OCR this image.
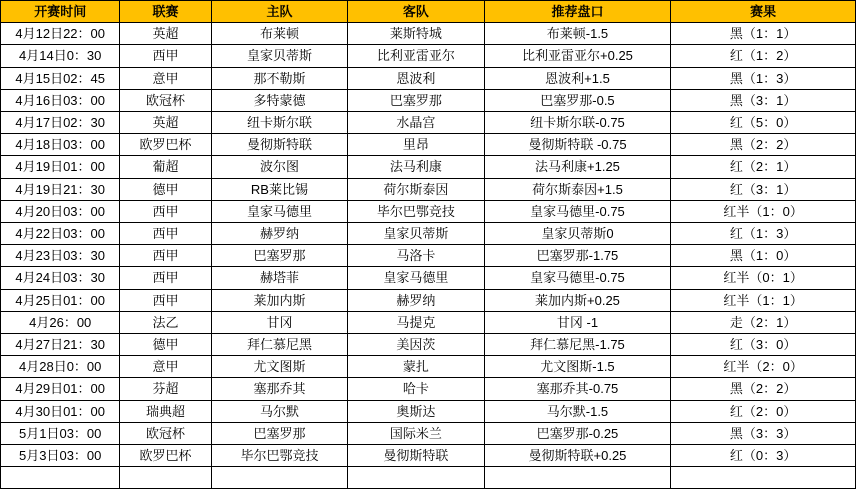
开赛时间	联赛	主队	客队	推荐盘口	赛果
4月12日22：00	英超	布莱顿	莱斯特城	布莱顿-1.5	黑（1：1）
4月14日0：30	西甲	皇家贝蒂斯	比利亚雷亚尔	比利亚雷亚尔+0.25	红（1：2）
4月15日02：45	意甲	那不勒斯	恩波利	恩波利+1.5	黑（1：3）
4月16日03：00	欧冠杯	多特蒙德	巴塞罗那	巴塞罗那-0.5	黑（3：1）
4月17日02：30	英超	纽卡斯尔联	水晶宫	纽卡斯尔联-0.75	红（5：0）
4月18日03：00	欧罗巴杯	曼彻斯特联	里昂	曼彻斯特联 -0.75	黑（2：2）
4月19日01：00	葡超	波尔图	法马利康	法马利康+1.25	红（2：1）
4月19日21：30	德甲	RB莱比锡	荷尔斯泰因	荷尔斯泰因+1.5	红（3：1）
4月20日03：00	西甲	皇家马德里	毕尔巴鄂竞技	皇家马德里-0.75	红半（1：0）
4月22日03：00	西甲	赫罗纳	皇家贝蒂斯	皇家贝蒂斯0	红（1：3）
4月23日03：30	西甲	巴塞罗那	马洛卡	巴塞罗那-1.75	黑（1：0）
4月24日03：30	西甲	赫塔菲	皇家马德里	皇家马德里-0.75	红半（0：1）
4月25日01：00	西甲	莱加内斯	赫罗纳	莱加内斯+0.25	红半（1：1）
4月26：00	法乙	甘冈	马提克	甘冈 -1	走（2：1）
4月27日21：30	德甲	拜仁慕尼黑	美因茨	拜仁慕尼黑-1.75	红（3：0）
4月28日0：00	意甲	尤文图斯	蒙扎	尤文图斯-1.5	红半（2：0）
4月29日01：00	芬超	塞那乔其	哈卡	塞那乔其-0.75	黑（2：2）
4月30日01：00	瑞典超	马尔默	奥斯达	马尔默-1.5	红（2：0）
5月1日03：00	欧冠杯	巴塞罗那	国际米兰	巴塞罗那-0.25	黑（3：3）
5月3日03：00	欧罗巴杯	毕尔巴鄂竞技	曼彻斯特联	曼彻斯特联+0.25	红（0：3）
